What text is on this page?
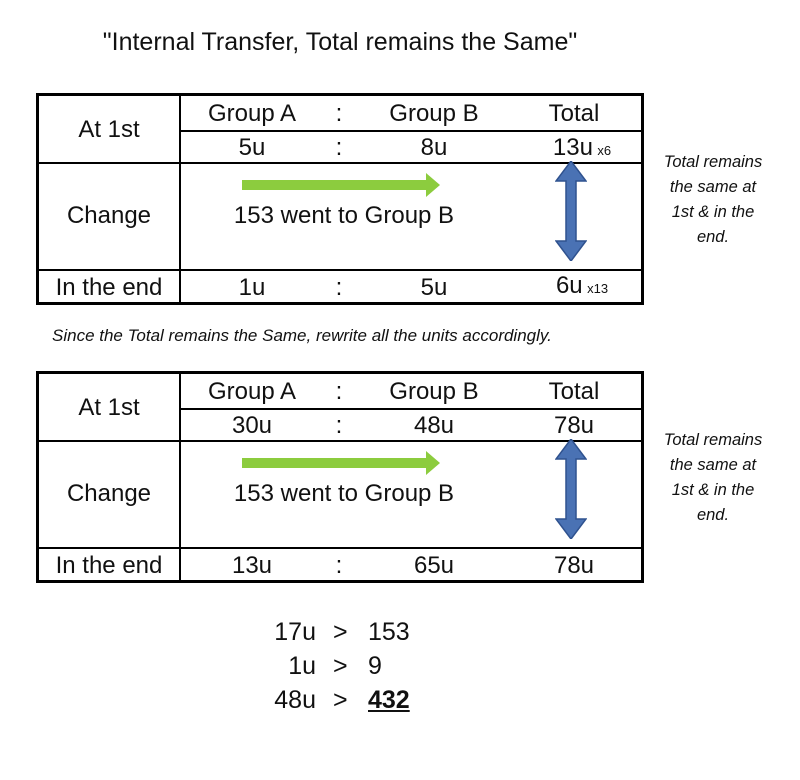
"Internal Transfer, Total remains the Same"
At 1st
Group A	:	Group B	Total
5u	:	8u	13u x6
Change	153 went to Group B
In the end	1u	:	5u	6u x13
Total remains
the same at
1st & in the
end.
Since the Total remains the Same, rewrite all the units accordingly.
At 1st
Group A	:	Group B	Total
30u	:	48u	78u
Change	153 went to Group B
In the end	13u	:	65u	78u
Total remains
the same at
1st & in the
end.
17u > 153
1u > 9
48u > 432
